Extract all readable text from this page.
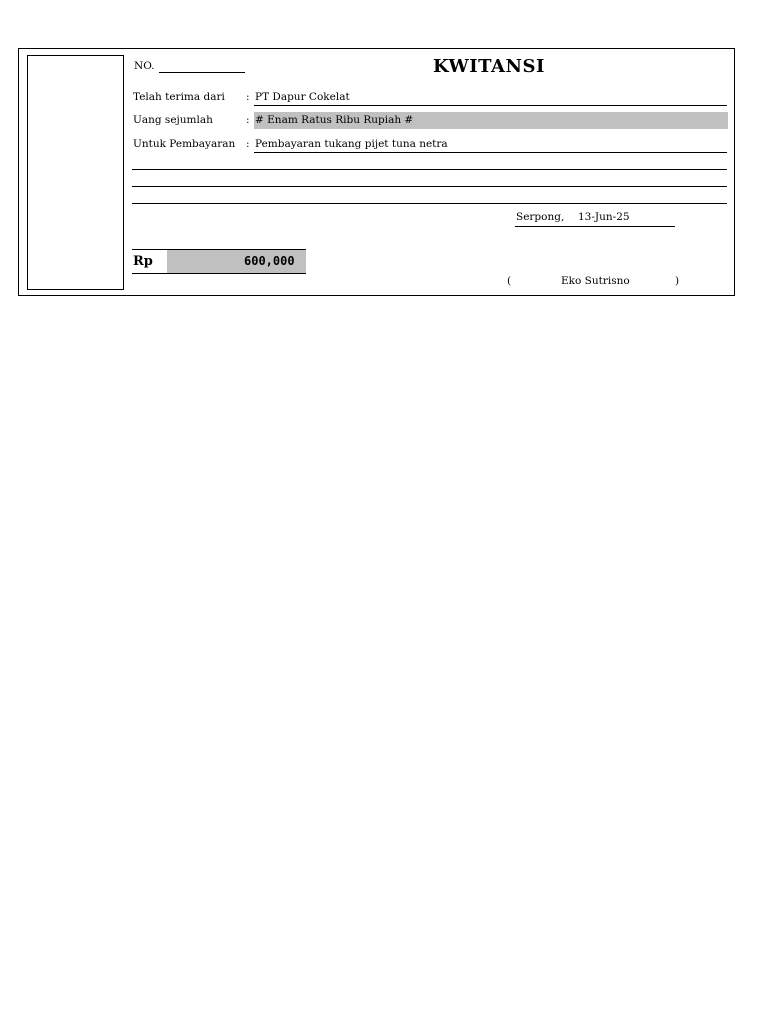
NO.	KWITANSI
Telah terima dari : PT Dapur Cokelat
Uang sejumlah	: # Enam Ratus Ribu Rupiah #
Untuk Pembayaran : Pembayaran tukang pijet tuna netra
Serpong, 13-Jun-25
Rp	600,000
(	Eko Sutrisno	)
